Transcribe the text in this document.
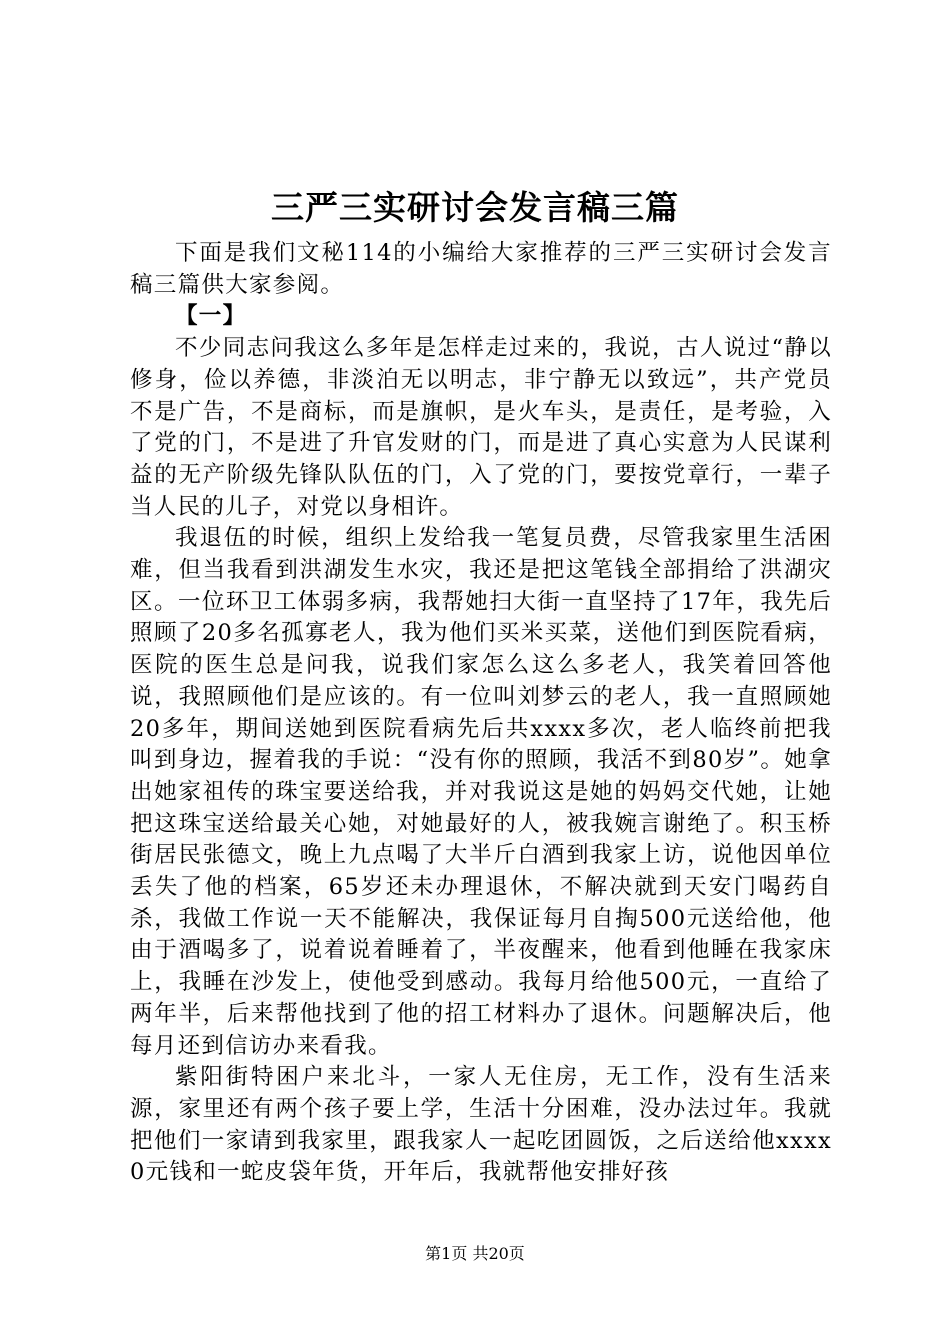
三严三实研讨会发言稿三篇

下面是我们文秘114的小编给大家推荐的三严三实研讨会发言稿三篇供大家参阅。

【一】

不少同志问我这么多年是怎样走过来的，我说，古人说过“静以修身，俭以养德，非淡泊无以明志，非宁静无以致远”，共产党员不是广告，不是商标，而是旗帜，是火车头，是责任，是考验，入了党的门，不是进了升官发财的门，而是进了真心实意为人民谋利益的无产阶级先锋队队伍的门，入了党的门，要按党章行，一辈子当人民的儿子，对党以身相许。

我退伍的时候，组织上发给我一笔复员费，尽管我家里生活困难，但当我看到洪湖发生水灾，我还是把这笔钱全部捐给了洪湖灾区。一位环卫工体弱多病，我帮她扫大街一直坚持了17年，我先后照顾了20多名孤寡老人，我为他们买米买菜，送他们到医院看病，医院的医生总是问我，说我们家怎么这么多老人，我笑着回答他说，我照顾他们是应该的。有一位叫刘梦云的老人，我一直照顾她20多年，期间送她到医院看病先后共xxxx多次，老人临终前把我叫到身边，握着我的手说：“没有你的照顾，我活不到80岁”。她拿出她家祖传的珠宝要送给我，并对我说这是她的妈妈交代她，让她把这珠宝送给最关心她，对她最好的人，被我婉言谢绝了。积玉桥街居民张德文，晚上九点喝了大半斤白酒到我家上访，说他因单位丢失了他的档案，65岁还未办理退休，不解决就到天安门喝药自杀，我做工作说一天不能解决，我保证每月自掏500元送给他，他由于酒喝多了，说着说着睡着了，半夜醒来，他看到他睡在我家床上，我睡在沙发上，使他受到感动。我每月给他500元，一直给了两年半，后来帮他找到了他的招工材料办了退休。问题解决后，他每月还到信访办来看我。

紫阳街特困户来北斗，一家人无住房，无工作，没有生活来源，家里还有两个孩子要上学，生活十分困难，没办法过年。我就把他们一家请到我家里，跟我家人一起吃团圆饭，之后送给他xxxx0元钱和一蛇皮袋年货，开年后，我就帮他安排好孩

第1页 共20页
